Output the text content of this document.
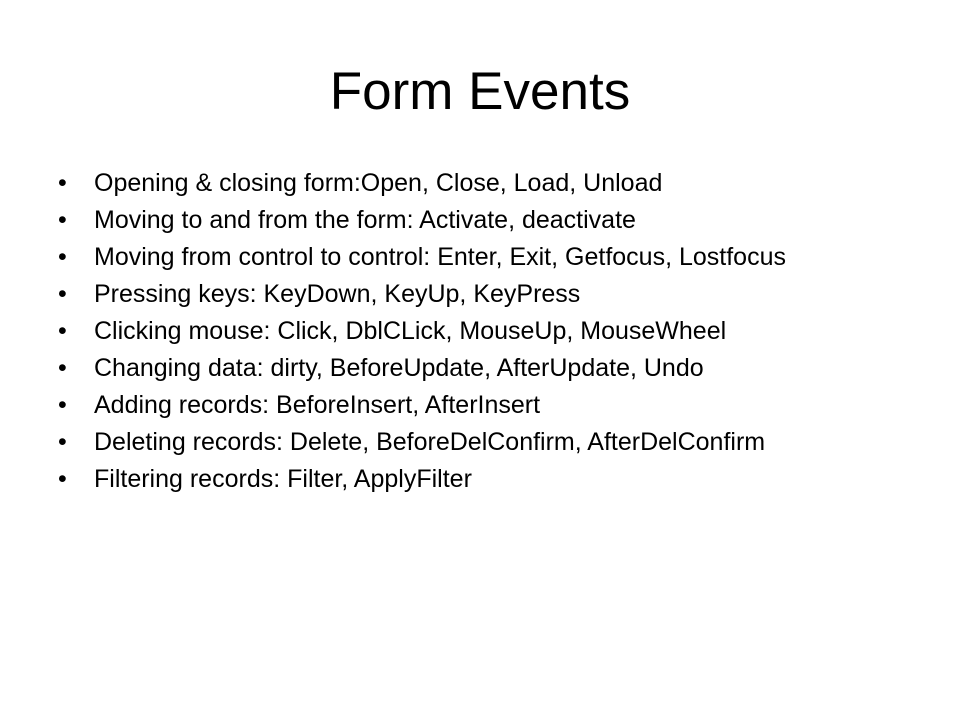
Form Events
•	Opening & closing form:Open, Close, Load, Unload
•	Moving to and from the form: Activate, deactivate
•	Moving from control to control: Enter, Exit, Getfocus, Lostfocus
•	Pressing keys: KeyDown, KeyUp, KeyPress
•	Clicking mouse: Click, DblCLick, MouseUp, MouseWheel
•	Changing data: dirty, BeforeUpdate, AfterUpdate, Undo
•	Adding records: BeforeInsert, AfterInsert
•	Deleting records: Delete, BeforeDelConfirm, AfterDelConfirm
•	Filtering records: Filter, ApplyFilter
